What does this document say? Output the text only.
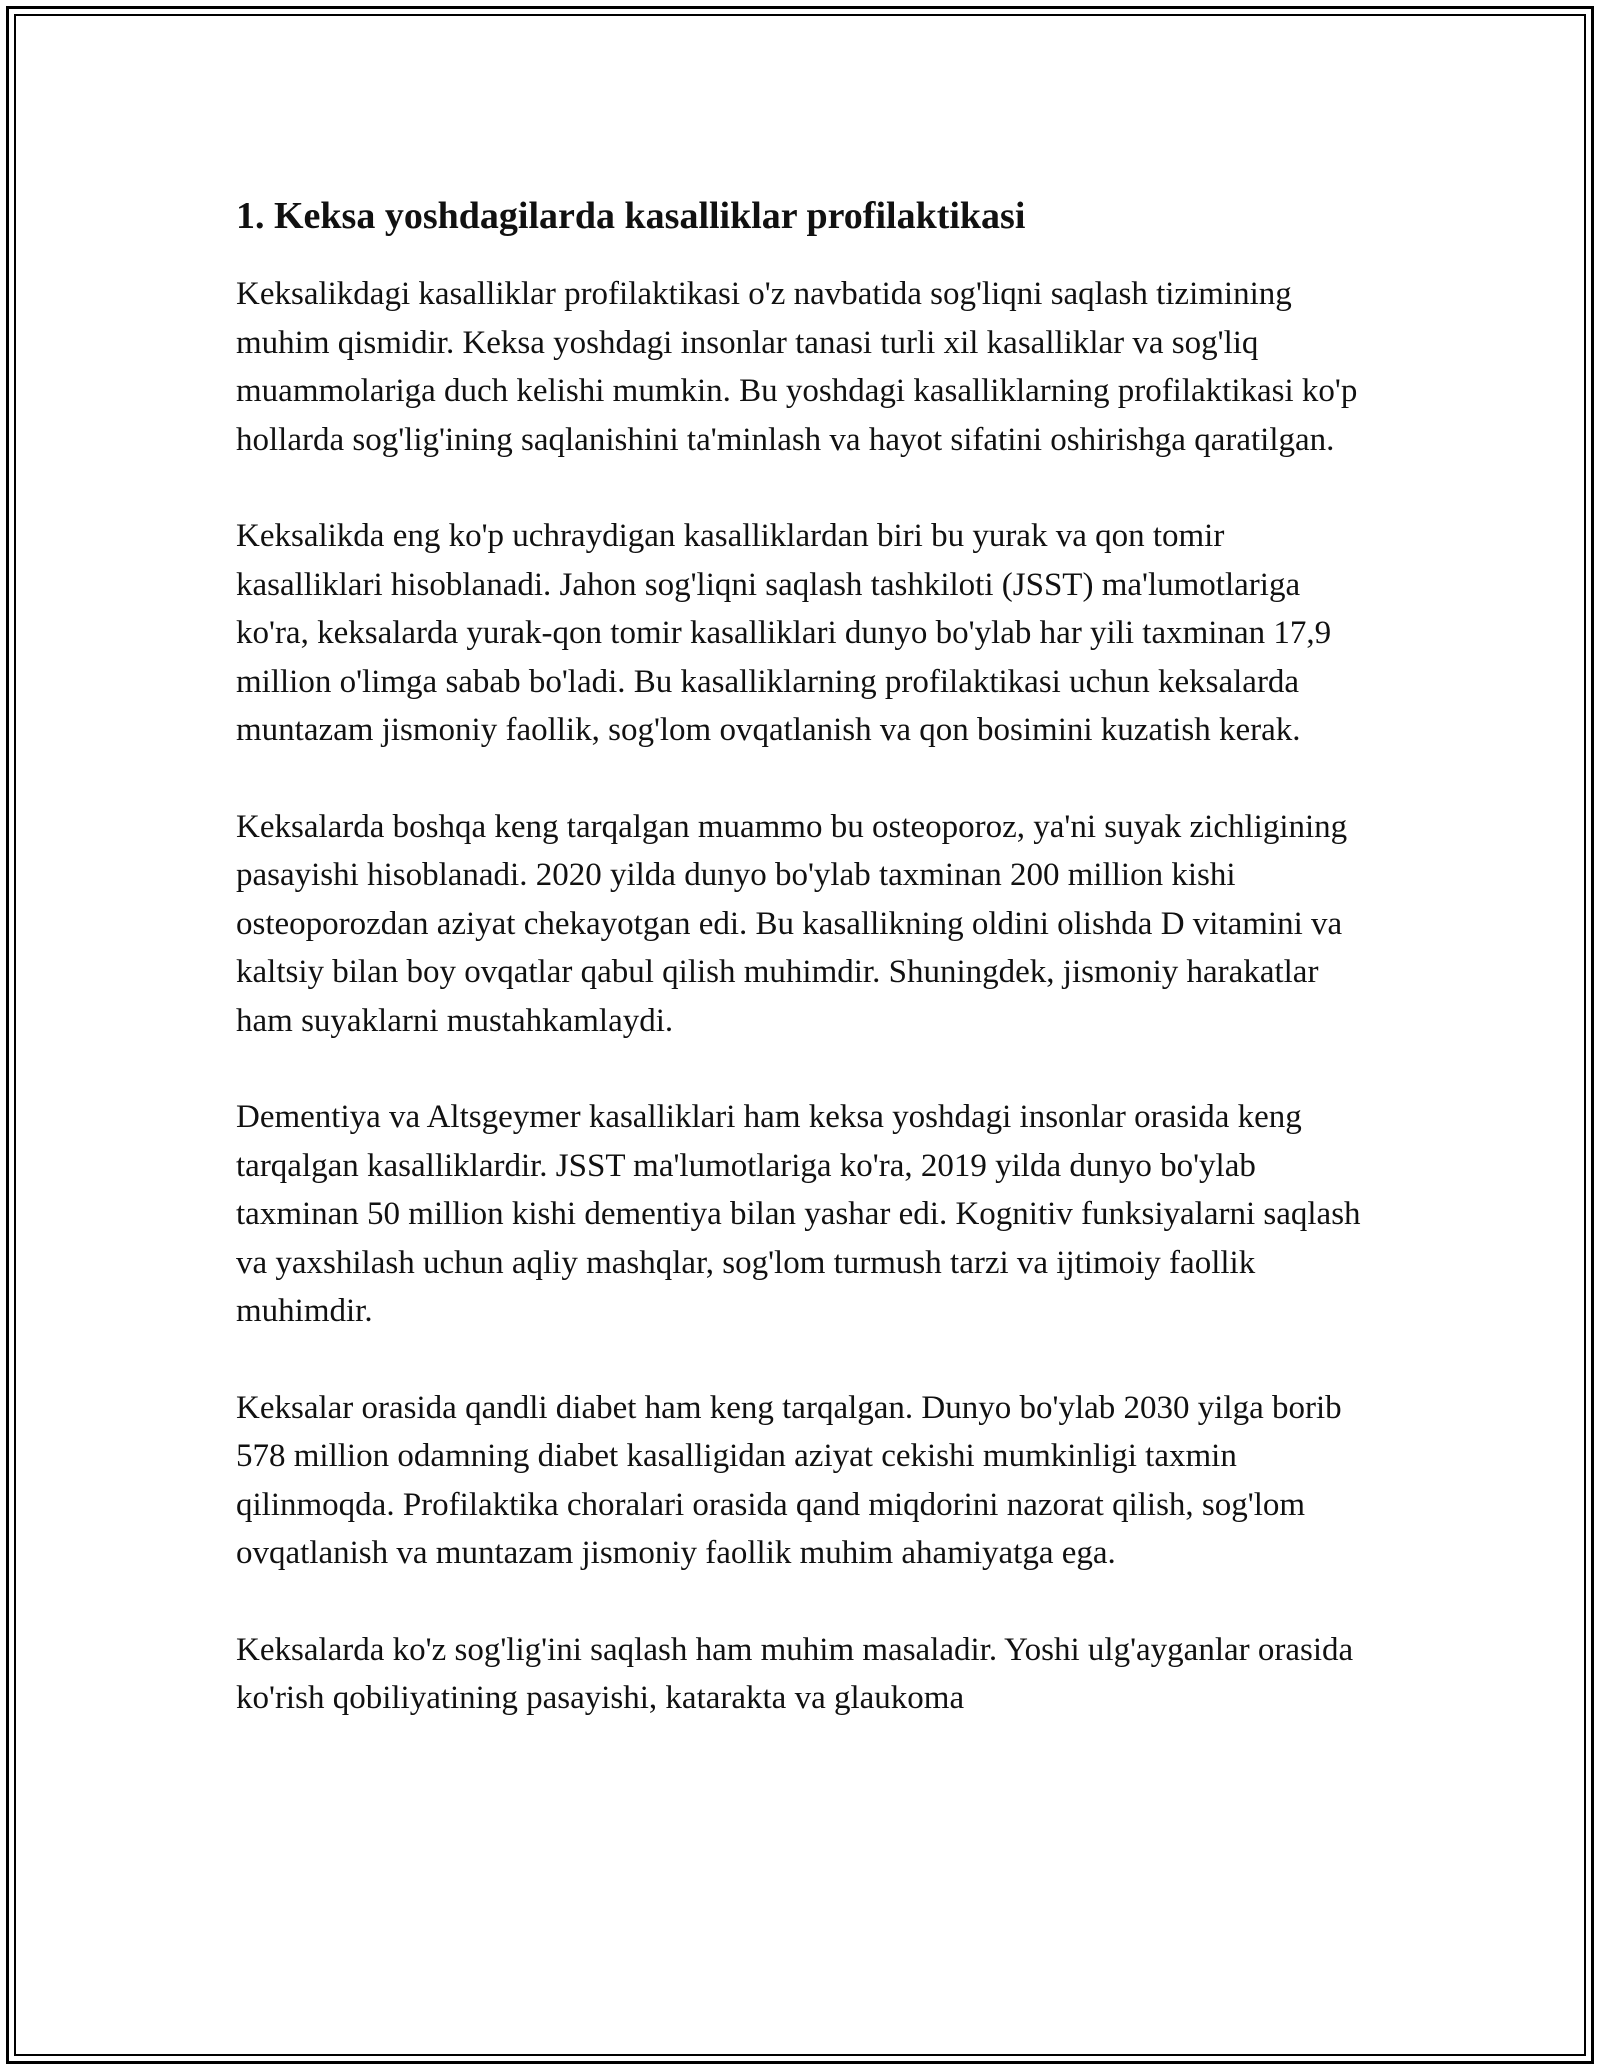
1. Keksa yoshdagilarda kasalliklar profilaktikasi

Keksalikdagi kasalliklar profilaktikasi o'z navbatida sog'liqni saqlash tizimining muhim qismidir. Keksa yoshdagi insonlar tanasi turli xil kasalliklar va sog'liq muammolariga duch kelishi mumkin. Bu yoshdagi kasalliklarning profilaktikasi ko'p hollarda sog'lig'ining saqlanishini ta'minlash va hayot sifatini oshirishga qaratilgan.

Keksalikda eng ko'p uchraydigan kasalliklardan biri bu yurak va qon tomir kasalliklari hisoblanadi. Jahon sog'liqni saqlash tashkiloti (JSST) ma'lumotlariga ko'ra, keksalarda yurak-qon tomir kasalliklari dunyo bo'ylab har yili taxminan 17,9 million o'limga sabab bo'ladi. Bu kasalliklarning profilaktikasi uchun keksalarda muntazam jismoniy faollik, sog'lom ovqatlanish va qon bosimini kuzatish kerak.

Keksalarda boshqa keng tarqalgan muammo bu osteoporoz, ya'ni suyak zichligining pasayishi hisoblanadi. 2020 yilda dunyo bo'ylab taxminan 200 million kishi osteoporozdan aziyat chekayotgan edi. Bu kasallikning oldini olishda D vitamini va kaltsiy bilan boy ovqatlar qabul qilish muhimdir. Shuningdek, jismoniy harakatlar ham suyaklarni mustahkamlaydi.

Dementiya va Altsgeymer kasalliklari ham keksa yoshdagi insonlar orasida keng tarqalgan kasalliklardir. JSST ma'lumotlariga ko'ra, 2019 yilda dunyo bo'ylab taxminan 50 million kishi dementiya bilan yashar edi. Kognitiv funksiyalarni saqlash va yaxshilash uchun aqliy mashqlar, sog'lom turmush tarzi va ijtimoiy faollik muhimdir.

Keksalar orasida qandli diabet ham keng tarqalgan. Dunyo bo'ylab 2030 yilga borib 578 million odamning diabet kasalligidan aziyat cekishi mumkinligi taxmin qilinmoqda. Profilaktika choralari orasida qand miqdorini nazorat qilish, sog'lom ovqatlanish va muntazam jismoniy faollik muhim ahamiyatga ega.

Keksalarda ko'z sog'lig'ini saqlash ham muhim masaladir. Yoshi ulg'ayganlar orasida ko'rish qobiliyatining pasayishi, katarakta va glaukoma
